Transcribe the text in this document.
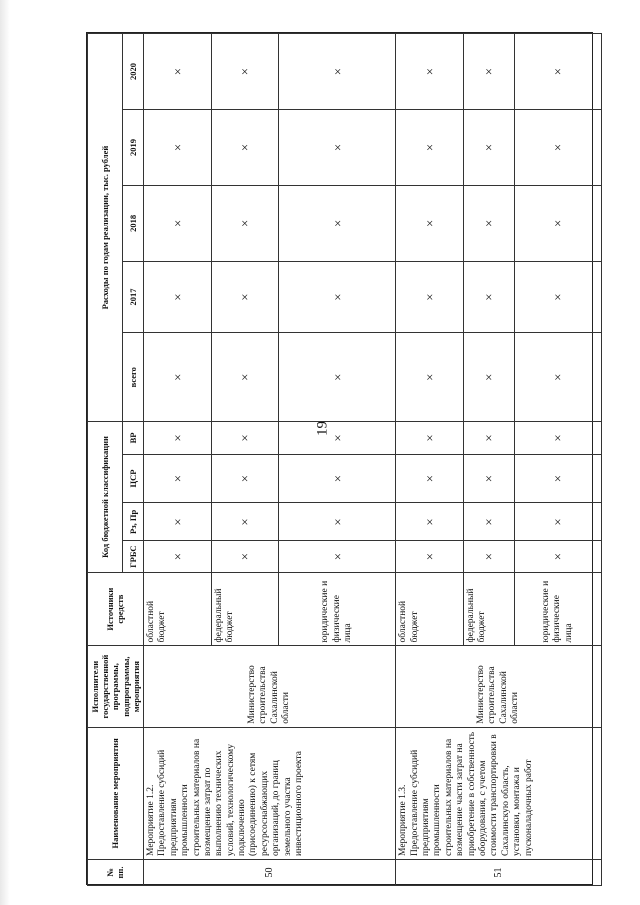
19
№ пп.	Наименование мероприятия	Исполнители государственной программы, подпрограммы, мероприятия	Источники средств	Код бюджетной классификации				Расходы по годам реализации, тыс. рублей				
				ГРБС	Рз, Пр	ЦСР	ВР	всего	2017	2018	2019	2020
50	Мероприятие 1.2. Предоставление субсидий предприятиям промышленности строительных материалов на возмещение затрат по выполнению технических условий, технологическому подключению (присоединению) к сетям ресурсоснабжающих организаций, до границ земельного участка инвестиционного проекта	Министерство строительства Сахалинской области	областной бюджет	×	×	×	×	×	×	×	×	×
			федеральный бюджет	×	×	×	×	×	×	×	×	×
			юридические и физические лица	×	×	×	×	×	×	×	×	×
51	Мероприятие 1.3. Предоставление субсидий предприятиям промышленности строительных материалов на возмещение части затрат на приобретение в собственность оборудования, с учетом стоимости транспортировки в Сахалинскую область, установки, монтажа и пусконаладочных работ	Министерство строительства Сахалинской области	областной бюджет	×	×	×	×	×	×	×	×	×
			федеральный бюджет	×	×	×	×	×	×	×	×	×
			юридические и физические лица	×	×	×	×	×	×	×	×	×
